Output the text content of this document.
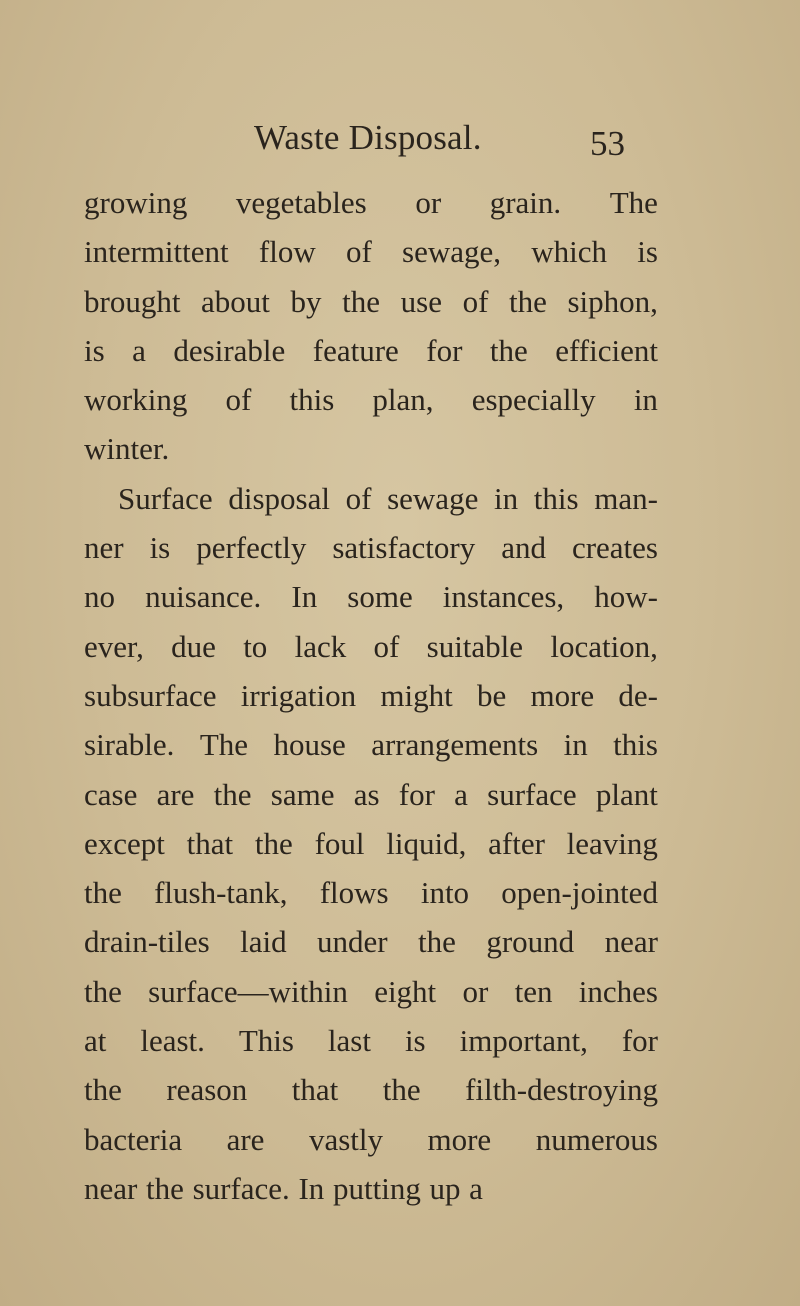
Waste Disposal.	53
growing vegetables or grain. The
intermittent flow of sewage, which is
brought about by the use of the siphon,
is a desirable feature for the efficient
working of this plan, especially in
winter.
Surface disposal of sewage in this man-
ner is perfectly satisfactory and creates
no nuisance. In some instances, how-
ever, due to lack of suitable location,
subsurface irrigation might be more de-
sirable. The house arrangements in this
case are the same as for a surface plant
except that the foul liquid, after leaving
the flush-tank, flows into open-jointed
drain-tiles laid under the ground near
the surface—within eight or ten inches
at least. This last is important, for
the reason that the filth-destroying
bacteria are vastly more numerous
near the surface. In putting up a
